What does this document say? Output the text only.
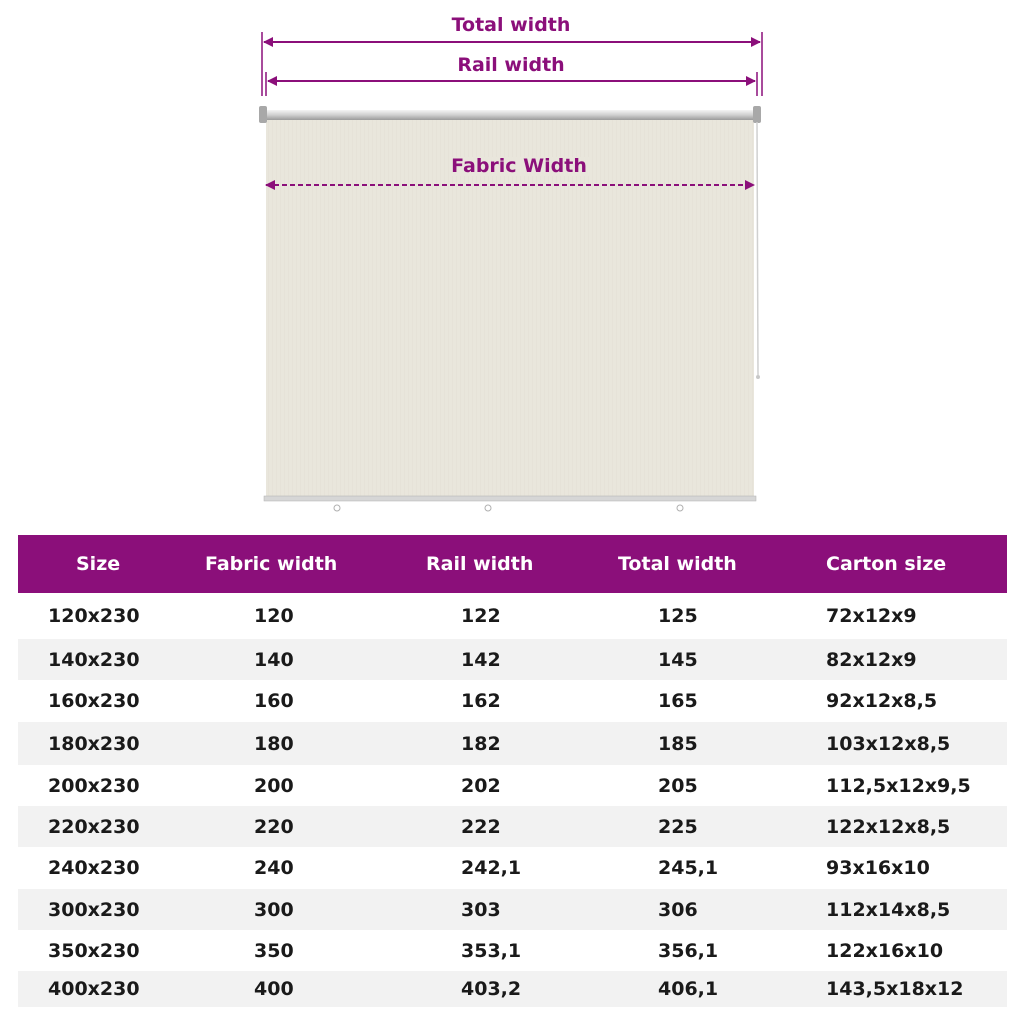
Total width
Rail width
Fabric Width
Size	Fabric width	Rail width	Total width	Carton size
120x230	120	122	125	72x12x9
140x230	140	142	145	82x12x9
160x230	160	162	165	92x12x8,5
180x230	180	182	185	103x12x8,5
200x230	200	202	205	112,5x12x9,5
220x230	220	222	225	122x12x8,5
240x230	240	242,1	245,1	93x16x10
300x230	300	303	306	112x14x8,5
350x230	350	353,1	356,1	122x16x10
400x230	400	403,2	406,1	143,5x18x12
